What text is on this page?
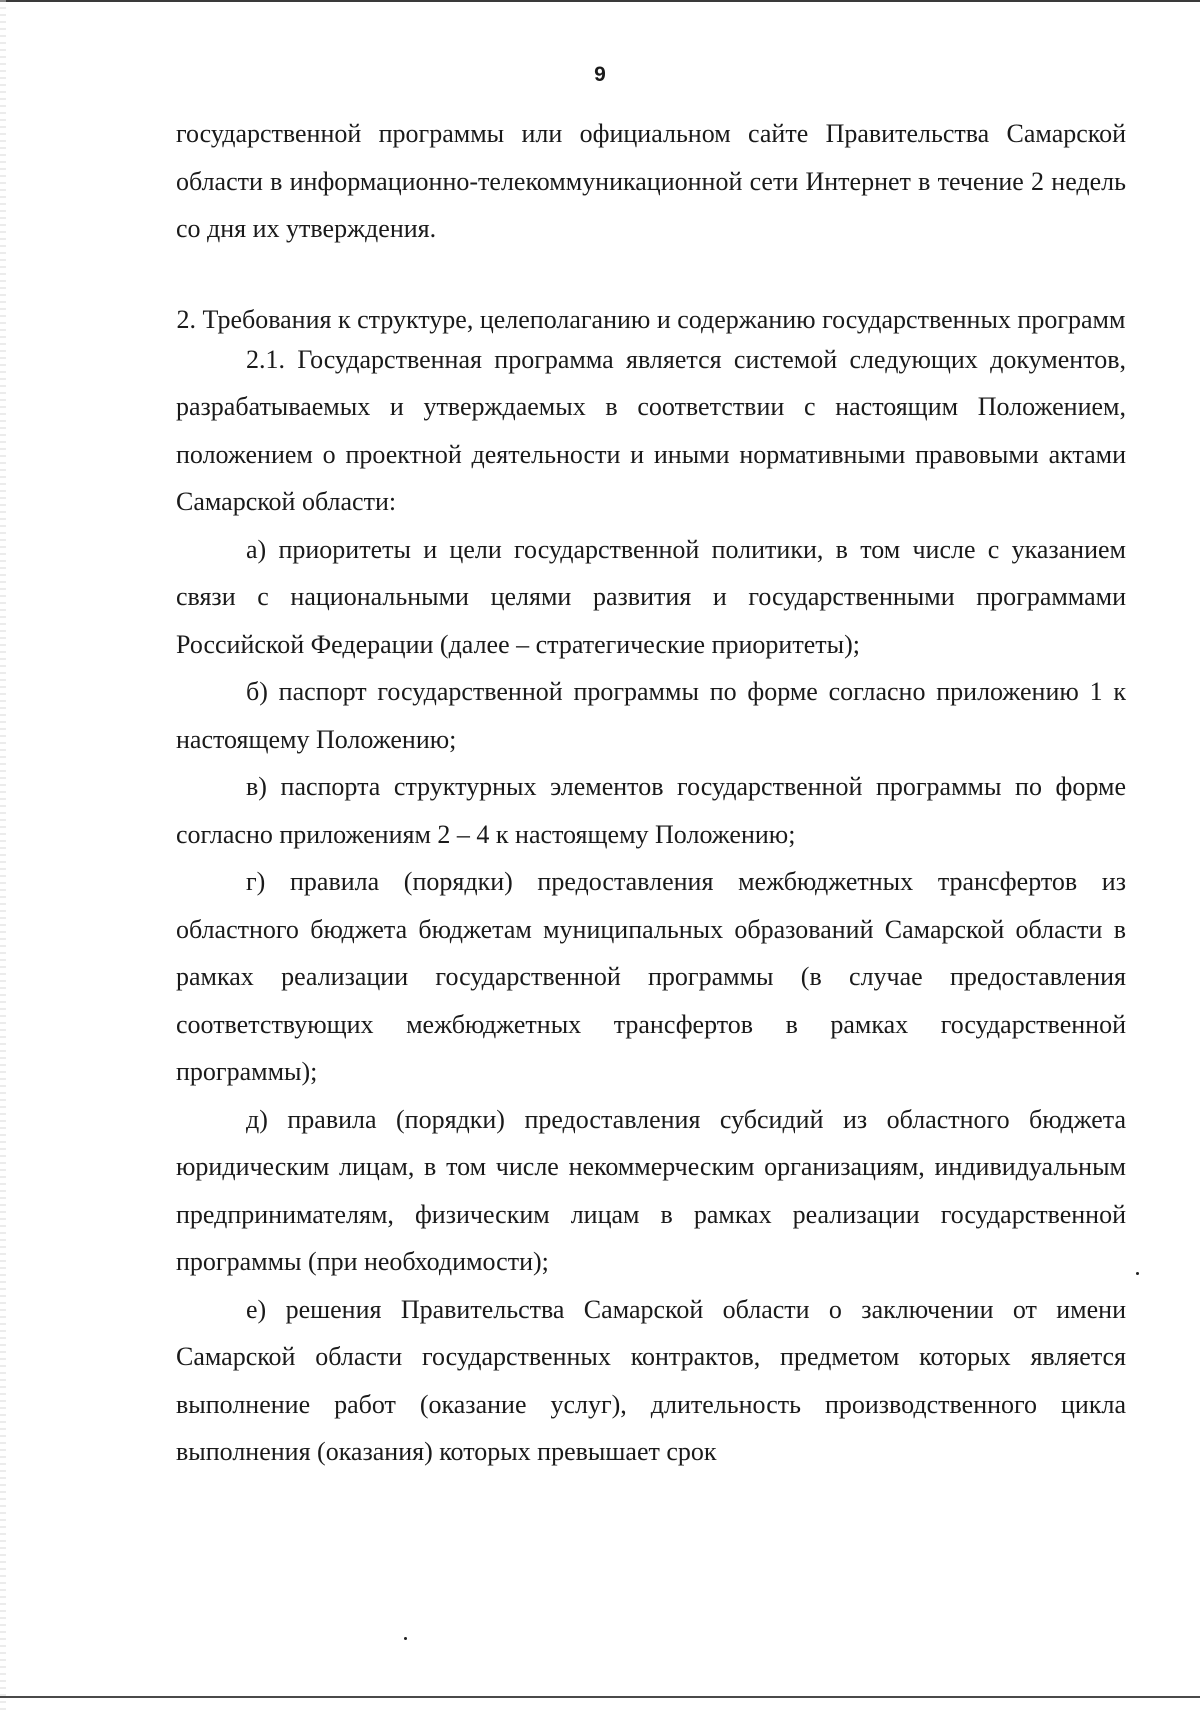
9

государственной программы или официальном сайте Правительства Самарской области в информационно-телекоммуникационной сети Интернет в течение 2 недель со дня их утверждения.

2. Требования к структуре, целеполаганию и содержанию государственных программ

2.1. Государственная программа является системой следующих документов, разрабатываемых и утверждаемых в соответствии с настоящим Положением, положением о проектной деятельности и иными нормативными правовыми актами Самарской области:

а) приоритеты и цели государственной политики, в том числе с указанием связи с национальными целями развития и государственными программами Российской Федерации (далее – стратегические приоритеты);

б) паспорт государственной программы по форме согласно приложению 1 к настоящему Положению;

в) паспорта структурных элементов государственной программы по форме согласно приложениям 2 – 4 к настоящему Положению;

г) правила (порядки) предоставления межбюджетных трансфертов из областного бюджета бюджетам муниципальных образований Самарской области в рамках реализации государственной программы (в случае предоставления соответствующих межбюджетных трансфертов в рамках государственной программы);

д) правила (порядки) предоставления субсидий из областного бюджета юридическим лицам, в том числе некоммерческим организациям, индивидуальным предпринимателям, физическим лицам в рамках реализации государственной программы (при необходимости);

е) решения Правительства Самарской области о заключении от имени Самарской области государственных контрактов, предметом которых является выполнение работ (оказание услуг), длительность производственного цикла выполнения (оказания) которых превышает срок
